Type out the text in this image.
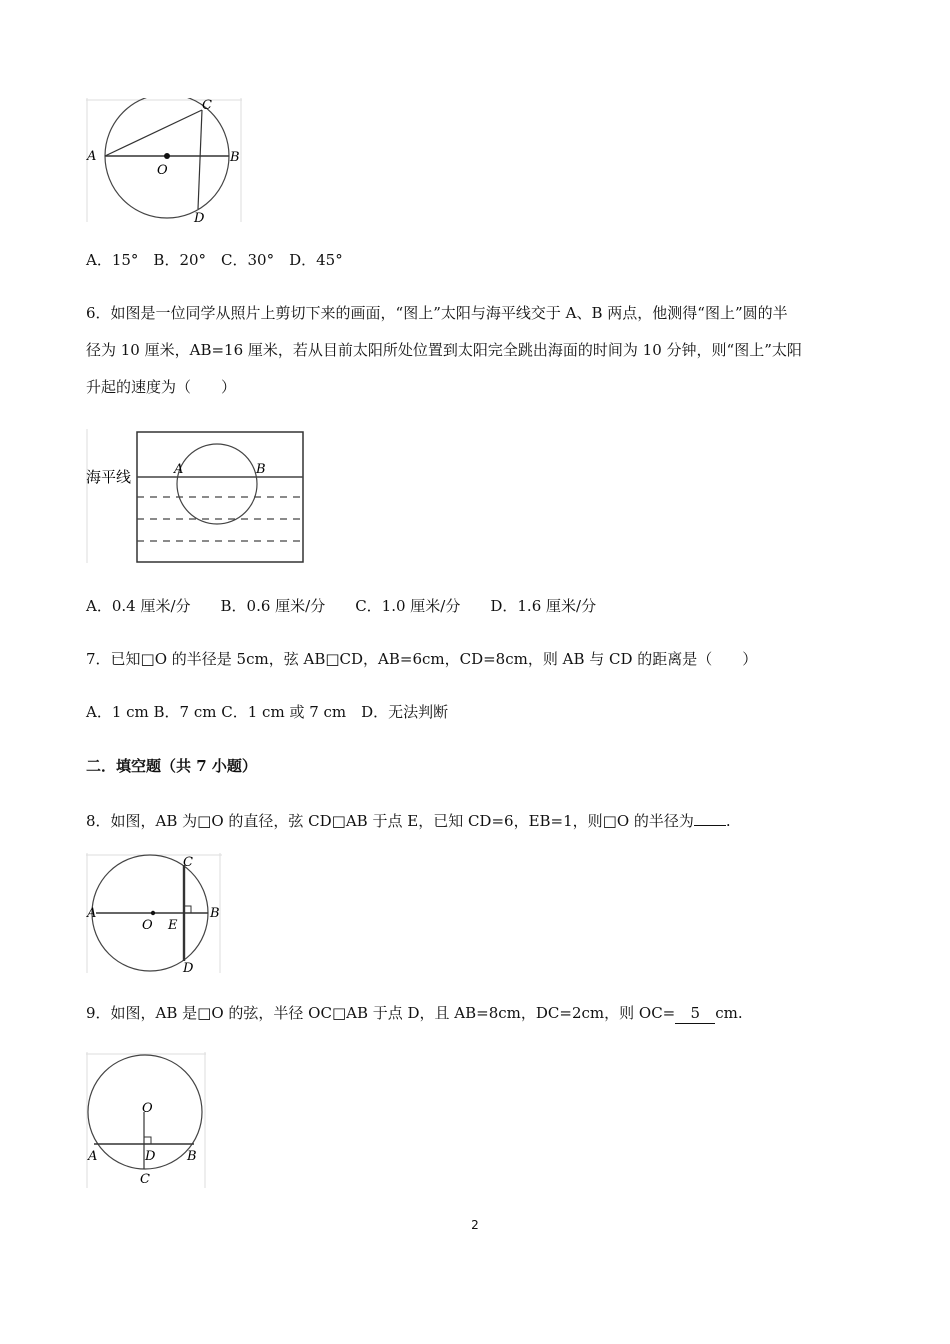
A	B
C
D
O
A．15°　B．20°　C．30°　D．45°
6．如图是一位同学从照片上剪切下来的画面，“图上”太阳与海平线交于 A、B 两点，他测得“图上”圆的半
径为 10 厘米，AB=16 厘米，若从目前太阳所处位置到太阳完全跳出海面的时间为 10 分钟，则“图上”太阳
升起的速度为（　　）
海平线	A	B
A．0.4 厘米/分　　B．0.6 厘米/分　　C．1.0 厘米/分　　D．1.6 厘米/分
7．已知□O 的半径是 5cm，弦 AB□CD，AB=6cm，CD=8cm，则 AB 与 CD 的距离是（　　）
A．1 cm B．7 cm C．1 cm 或 7 cm　D．无法判断
二．填空题（共 7 小题）
8．如图，AB 为□O 的直径，弦 CD□AB 于点 E，已知 CD=6，EB=1，则□O 的半径为 .
A	B
C
D
O E
9．如图，AB 是□O 的弦，半径 OC□AB 于点 D，且 AB=8cm，DC=2cm，则 OC= 5 cm.
O
A	B
D
C
2
